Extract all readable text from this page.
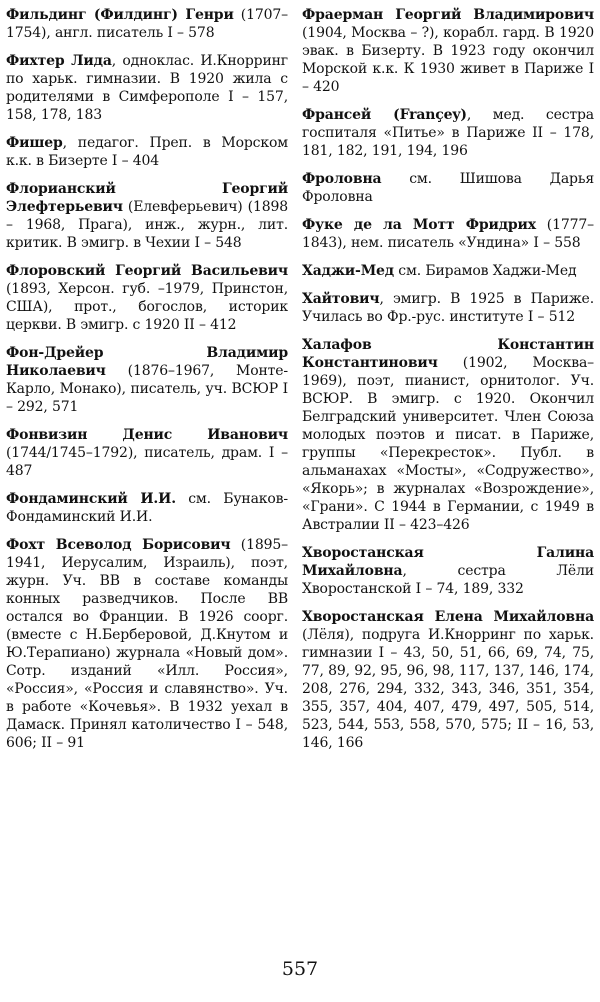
Фильдинг (Филдинг) Генри (1707–1754), англ. писатель I – 578

Фихтер Лида, одноклас. И.Кнорринг по харьк. гимназии. В 1920 жила с родителями в Симферополе I – 157, 158, 178, 183

Фишер, педагог. Преп. в Морском к.к. в Бизерте I – 404

Флорианский Георгий Элефтерьевич (Елевферьевич) (1898 – 1968, Прага), инж., журн., лит. критик. В эмигр. в Чехии I – 548

Флоровский Георгий Васильевич (1893, Херсон. губ. –1979, Принстон, США), прот., богослов, историк церкви. В эмигр. с 1920 II – 412

Фон-Дрейер Владимир Николаевич (1876–1967, Монте-Карло, Монако), писатель, уч. ВСЮР I – 292, 571

Фонвизин Денис Иванович (1744/1745–1792), писатель, драм. I – 487

Фондаминский И.И. см. Бунаков-Фондаминский И.И.

Фохт Всеволод Борисович (1895–1941, Иерусалим, Израиль), поэт, журн. Уч. ВВ в составе команды конных разведчиков. После ВВ остался во Франции. В 1926 соорг. (вместе с Н.Берберовой, Д.Кнутом и Ю.Терапиано) журнала «Новый дом». Сотр. изданий «Илл. Россия», «Россия», «Россия и славянство». Уч. в работе «Кочевья». В 1932 уехал в Дамаск. Принял католичество I – 548, 606; II – 91

Фраерман Георгий Владимирович (1904, Москва – ?), корабл. гард. В 1920 эвак. в Бизерту. В 1923 году окончил Морской к.к. К 1930 живет в Париже I – 420

Франсей (Françey), мед. сестра госпиталя «Питье» в Париже II – 178, 181, 182, 191, 194, 196

Фроловна см. Шишова Дарья Фроловна

Фуке де ла Мотт Фридрих (1777–1843), нем. писатель «Ундина» I – 558

Хаджи-Мед см. Бирамов Хаджи-Мед

Хайтович, эмигр. В 1925 в Париже. Училась во Фр.-рус. институте I – 512

Халафов Константин Константинович (1902, Москва–1969), поэт, пианист, орнитолог. Уч. ВСЮР. В эмигр. с 1920. Окончил Белградский университет. Член Союза молодых поэтов и писат. в Париже, группы «Перекресток». Публ. в альманахах «Мосты», «Содружество», «Якорь»; в журналах «Возрождение», «Грани». С 1944 в Германии, с 1949 в Австралии II – 423–426

Хворостанская Галина Михайловна, сестра Лёли Хворостанской I – 74, 189, 332

Хворостанская Елена Михайловна (Лёля), подруга И.Кнорринг по харьк. гимназии I – 43, 50, 51, 66, 69, 74, 75, 77, 89, 92, 95, 96, 98, 117, 137, 146, 174, 208, 276, 294, 332, 343, 346, 351, 354, 355, 357, 404, 407, 479, 497, 505, 514, 523, 544, 553, 558, 570, 575; II – 16, 53, 146, 166

557
